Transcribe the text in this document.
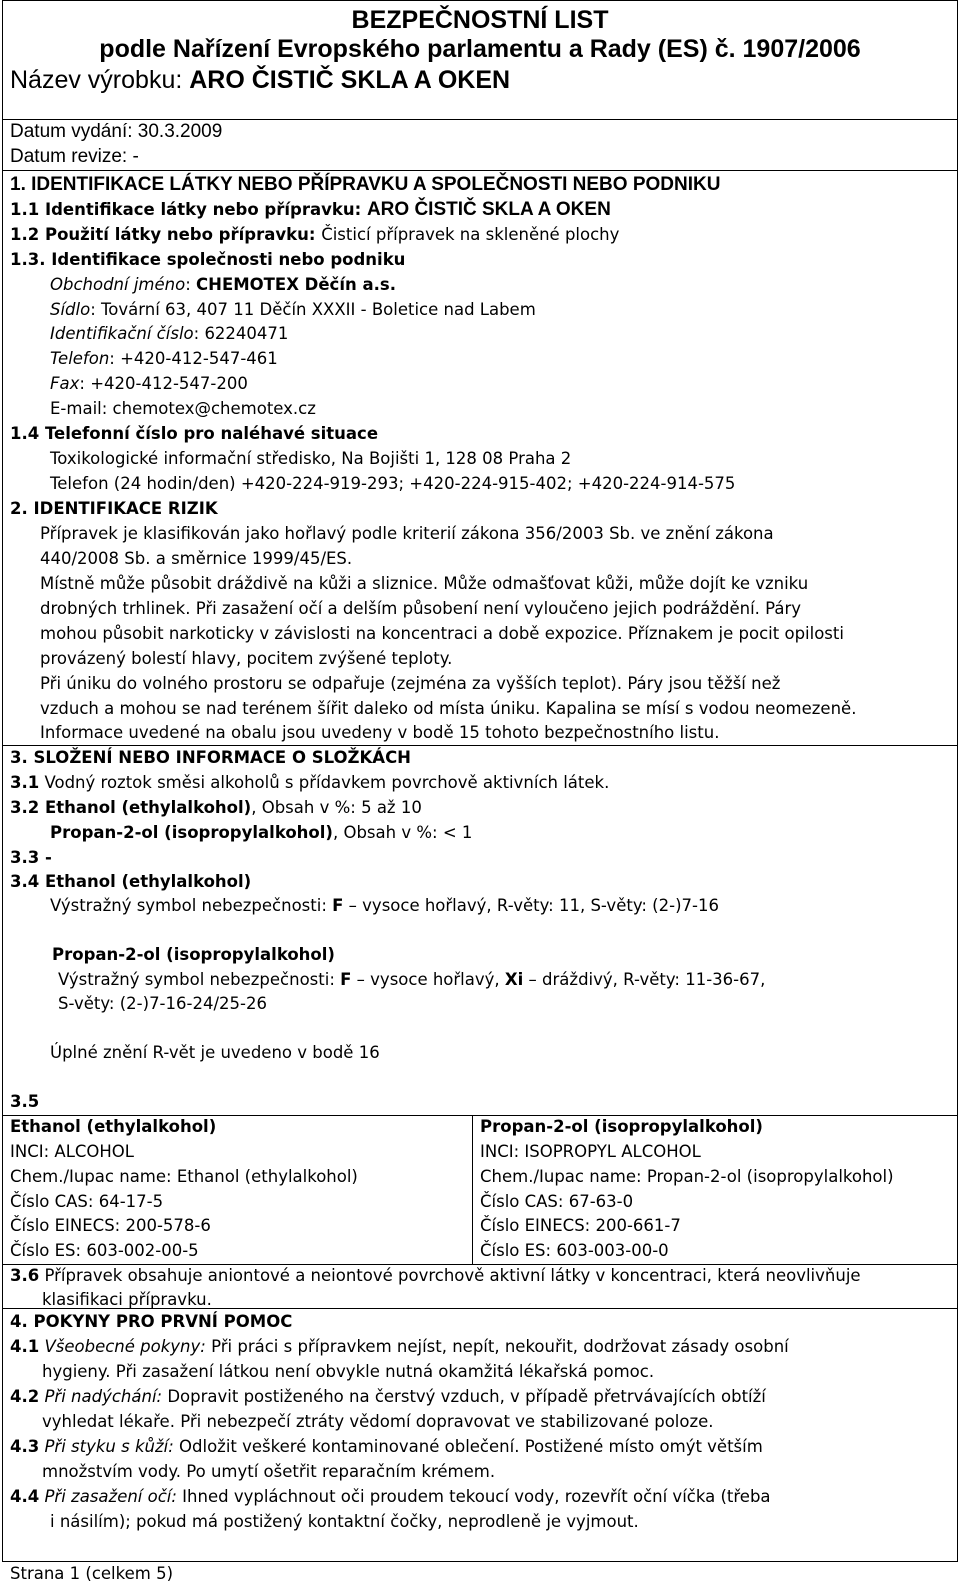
BEZPEČNOSTNÍ LIST
podle Nařízení Evropského parlamentu a Rady (ES) č. 1907/2006
Název výrobku: ARO ČISTIČ SKLA A OKEN
Datum vydání: 30.3.2009
Datum revize: -
1. IDENTIFIKACE LÁTKY NEBO PŘÍPRAVKU A SPOLEČNOSTI NEBO PODNIKU
1.1 Identifikace látky nebo přípravku: ARO ČISTIČ SKLA A OKEN
1.2 Použití látky nebo přípravku: Čisticí přípravek na skleněné plochy
1.3. Identifikace společnosti nebo podniku
Obchodní jméno: CHEMOTEX Děčín a.s.
Sídlo: Tovární 63, 407 11 Děčín XXXII - Boletice nad Labem
Identifikační číslo: 62240471
Telefon: +420-412-547-461
Fax: +420-412-547-200
E-mail: chemotex@chemotex.cz
1.4 Telefonní číslo pro naléhavé situace
Toxikologické informační středisko, Na Bojišti 1, 128 08 Praha 2
Telefon (24 hodin/den) +420-224-919-293; +420-224-915-402; +420-224-914-575
2. IDENTIFIKACE RIZIK
Přípravek je klasifikován jako hořlavý podle kriterií zákona 356/2003 Sb. ve znění zákona
440/2008 Sb. a směrnice 1999/45/ES.
Místně může působit dráždivě na kůži a sliznice. Může odmašťovat kůži, může dojít ke vzniku
drobných trhlinek. Při zasažení očí a delším působení není vyloučeno jejich podráždění. Páry
mohou působit narkoticky v závislosti na koncentraci a době expozice. Příznakem je pocit opilosti
provázený bolestí hlavy, pocitem zvýšené teploty.
Při úniku do volného prostoru se odpařuje (zejména za vyšších teplot). Páry jsou těžší než
vzduch a mohou se nad terénem šířit daleko od místa úniku. Kapalina se mísí s vodou neomezeně.
Informace uvedené na obalu jsou uvedeny v bodě 15 tohoto bezpečnostního listu.
3. SLOŽENÍ NEBO INFORMACE O SLOŽKÁCH
3.1 Vodný roztok směsi alkoholů s přídavkem povrchově aktivních látek.
3.2 Ethanol (ethylalkohol), Obsah v %: 5 až 10
Propan-2-ol (isopropylalkohol), Obsah v %: < 1
3.3 -
3.4 Ethanol (ethylalkohol)
Výstražný symbol nebezpečnosti: F – vysoce hořlavý, R-věty: 11, S-věty: (2-)7-16
Propan-2-ol (isopropylalkohol)
Výstražný symbol nebezpečnosti: F – vysoce hořlavý, Xi – dráždivý, R-věty: 11-36-67,
S-věty: (2-)7-16-24/25-26
Úplné znění R-vět je uvedeno v bodě 16
3.5
Ethanol (ethylalkohol)
INCI: ALCOHOL
Chem./Iupac name: Ethanol (ethylalkohol)
Číslo CAS: 64-17-5
Číslo EINECS: 200-578-6
Číslo ES: 603-002-00-5
Propan-2-ol (isopropylalkohol)
INCI: ISOPROPYL ALCOHOL
Chem./Iupac name: Propan-2-ol (isopropylalkohol)
Číslo CAS: 67-63-0
Číslo EINECS: 200-661-7
Číslo ES: 603-003-00-0
3.6 Přípravek obsahuje aniontové a neiontové povrchově aktivní látky v koncentraci, která neovlivňuje
klasifikaci přípravku.
4. POKYNY PRO PRVNÍ POMOC
4.1 Všeobecné pokyny: Při práci s přípravkem nejíst, nepít, nekouřit, dodržovat zásady osobní
hygieny. Při zasažení látkou není obvykle nutná okamžitá lékařská pomoc.
4.2 Při nadýchání: Dopravit postiženého na čerstvý vzduch, v případě přetrvávajících obtíží
vyhledat lékaře. Při nebezpečí ztráty vědomí dopravovat ve stabilizované poloze.
4.3 Při styku s kůží: Odložit veškeré kontaminované oblečení. Postižené místo omýt větším
množstvím vody. Po umytí ošetřit reparačním krémem.
4.4 Při zasažení očí: Ihned vypláchnout oči proudem tekoucí vody, rozevřít oční víčka (třeba
i násilím); pokud má postižený kontaktní čočky, neprodleně je vyjmout.
Strana 1 (celkem 5)
